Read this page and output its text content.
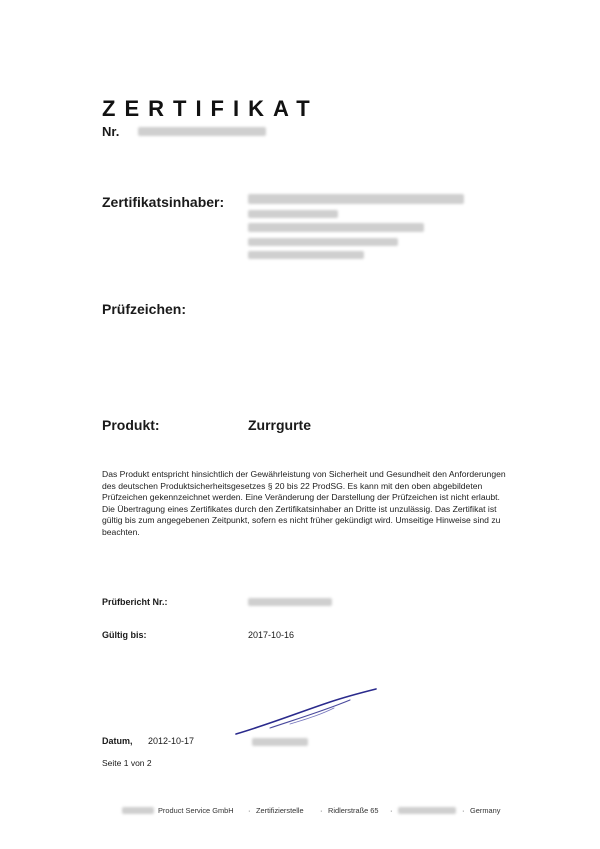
ZERTIFIKAT
Nr.
Zertifikatsinhaber:
Prüfzeichen:
Produkt:	Zurrgurte
Das Produkt entspricht hinsichtlich der Gewährleistung von Sicherheit und Gesundheit den Anforderungen des deutschen Produktsicherheitsgesetzes § 20 bis 22 ProdSG. Es kann mit den oben abgebildeten Prüfzeichen gekennzeichnet werden. Eine Veränderung der Darstellung der Prüfzeichen ist nicht erlaubt. Die Übertragung eines Zertifikates durch den Zertifikatsinhaber an Dritte ist unzulässig. Das Zertifikat ist gültig bis zum angegebenen Zeitpunkt, sofern es nicht früher gekündigt wird. Umseitige Hinweise sind zu beachten.
Prüfbericht Nr.:
Gültig bis:	2017-10-16
Datum, 2012-10-17
Seite 1 von 2
Product Service GmbH · Zertifizierstelle · Ridlerstraße 65 ·	· Germany
